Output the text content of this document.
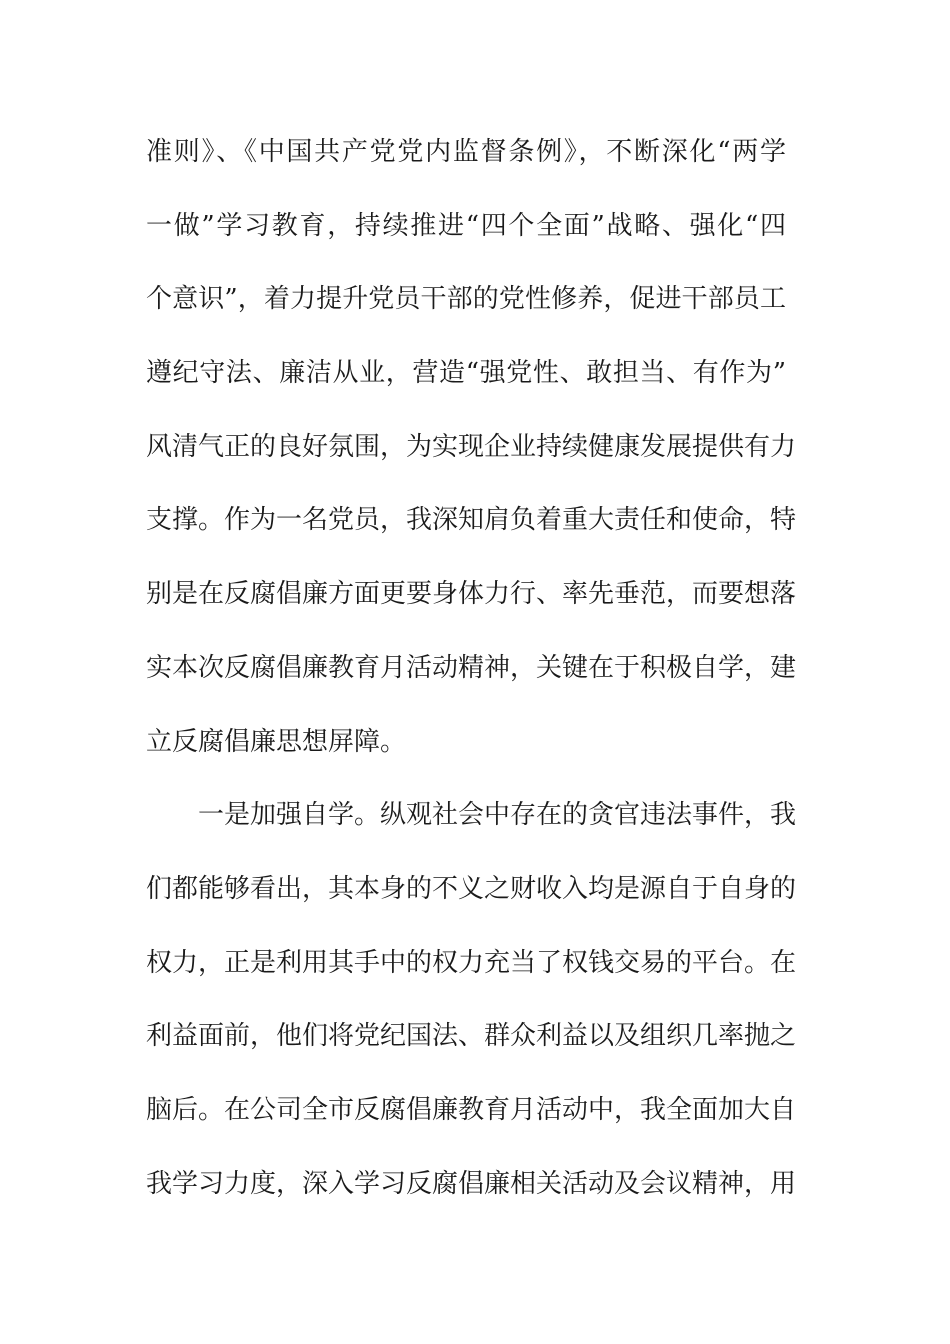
准则》、《中国共产党党内监督条例》，不断深化“两学
一做”学习教育，持续推进“四个全面”战略、强化“四
个意识”，着力提升党员干部的党性修养，促进干部员工
遵纪守法、廉洁从业，营造“强党性、敢担当、有作为”
风清气正的良好氛围，为实现企业持续健康发展提供有力
支撑。作为一名党员，我深知肩负着重大责任和使命，特
别是在反腐倡廉方面更要身体力行、率先垂范，而要想落
实本次反腐倡廉教育月活动精神，关键在于积极自学，建
立反腐倡廉思想屏障。
一是加强自学。纵观社会中存在的贪官违法事件，我
们都能够看出，其本身的不义之财收入均是源自于自身的
权力，正是利用其手中的权力充当了权钱交易的平台。在
利益面前，他们将党纪国法、群众利益以及组织几率抛之
脑后。在公司全市反腐倡廉教育月活动中，我全面加大自
我学习力度，深入学习反腐倡廉相关活动及会议精神，用
